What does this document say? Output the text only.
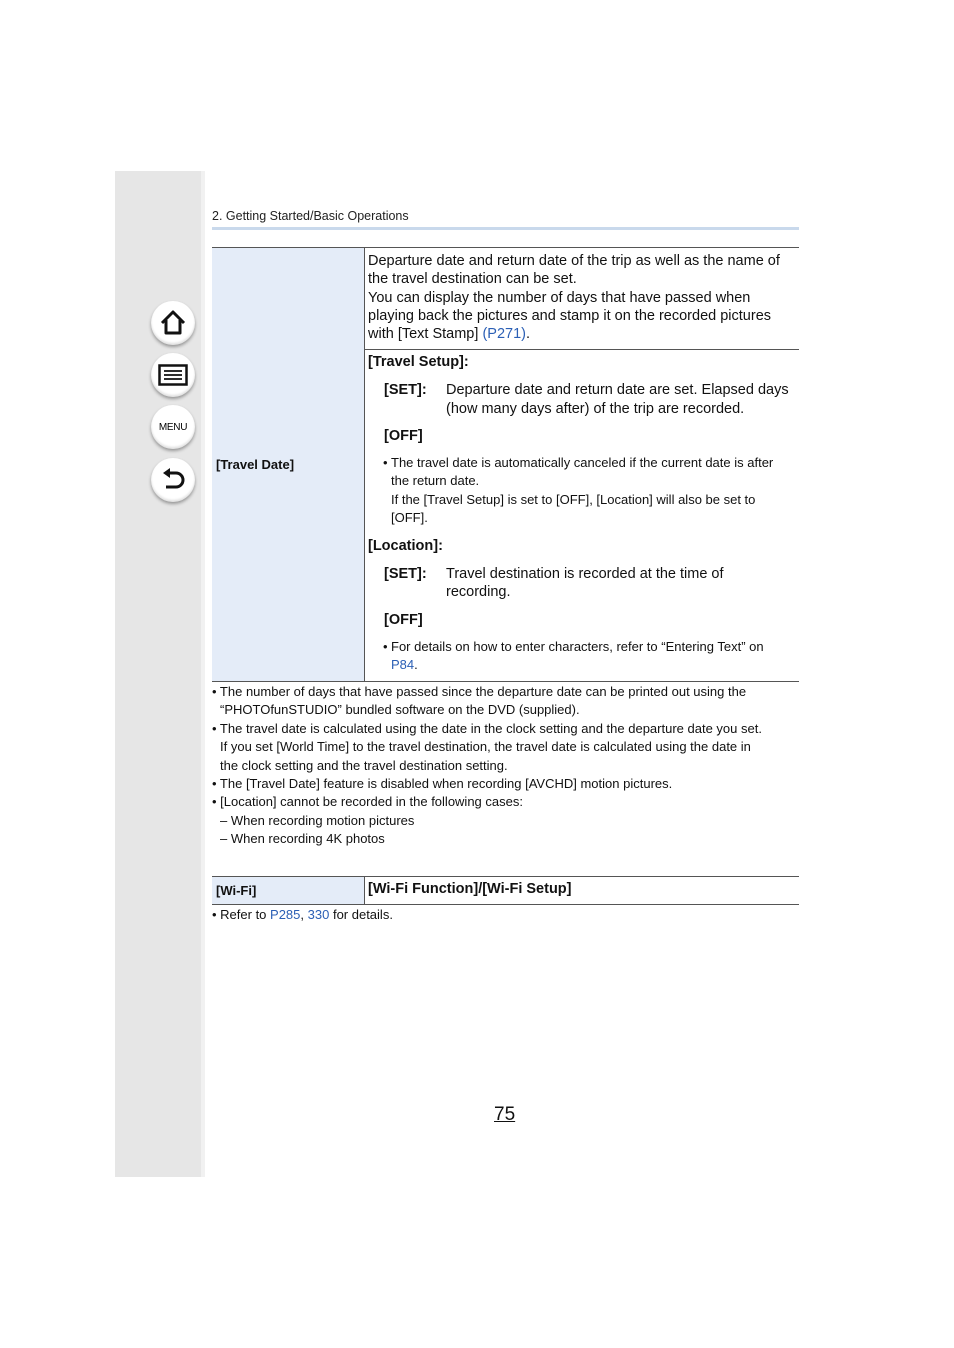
MENU
2. Getting Started/Basic Operations
[Travel Date]
Departure date and return date of the trip as well as the name of
the travel destination can be set.
You can display the number of days that have passed when
playing back the pictures and stamp it on the recorded pictures
with [Text Stamp] (P271).
[Travel Setup]:
[SET]: Departure date and return date are set. Elapsed days
(how many days after) of the trip are recorded.
[OFF]
• The travel date is automatically canceled if the current date is after
the return date.
If the [Travel Setup] is set to [OFF], [Location] will also be set to
[OFF].
[Location]:
[SET]: Travel destination is recorded at the time of
recording.
[OFF]
• For details on how to enter characters, refer to “Entering Text” on
P84.
• The number of days that have passed since the departure date can be printed out using the
“PHOTOfunSTUDIO” bundled software on the DVD (supplied).
• The travel date is calculated using the date in the clock setting and the departure date you set.
If you set [World Time] to the travel destination, the travel date is calculated using the date in
the clock setting and the travel destination setting.
• The [Travel Date] feature is disabled when recording [AVCHD] motion pictures.
• [Location] cannot be recorded in the following cases:
– When recording motion pictures
– When recording 4K photos
[Wi-Fi]	[Wi-Fi Function]/[Wi-Fi Setup]
• Refer to P285, 330 for details.
75
